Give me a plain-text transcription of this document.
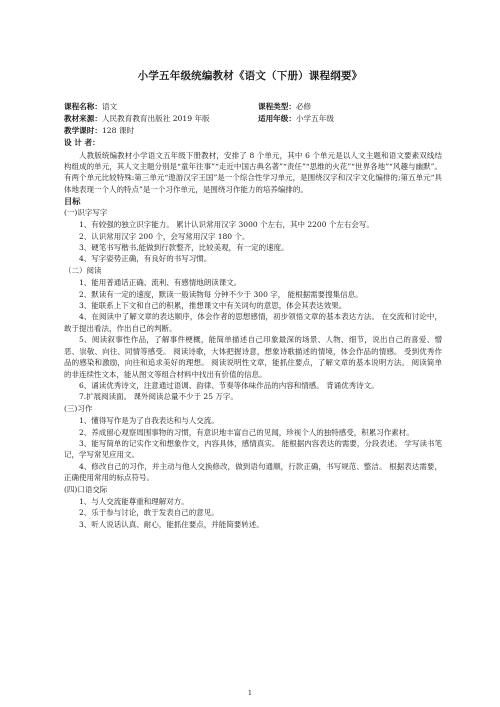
小学五年级统编教材《语文（下册）课程纲要》
课程名称：语文	课程类型：必修
教材来源：人民教育教育出版社 2019 年版	适用年级：小学五年级
教学课时：128 课时
设 计 者：

人教版统编教材小学语文五年级下册教材，安排了 8 个单元，其中 6 个单元是以人文主题和语文要素双线结构组成的单元，其人文主题分别是“童年往事”“走近中国古典名著”“责任”“思维的火花”“世界各地”“风趣与幽默”。有两个单元比较特殊:第三单元“遨游汉字王国”是一个综合性学习单元，是围绕汉字和汉字文化编排的;第五单元“具体地表现一个人的特点”是一个习作单元，是围绕习作能力的培养编排的。

目标
(一)识字写字

1、有较强的独立识字能力。 累计认识常用汉字 3000 个左右，其中 2200 个左右会写。

2、认识常用汉字 200 个，会写常用汉字 180 个。

3、硬笔书写楷书,能做到行款整齐，比较美观，有一定的速度。

4、写字姿势正确，有良好的书写习惯。

（二）阅读

1、能用普通话正确、流利、有感情地朗读课文。

2、默读有一定的速度，默读一般读物每 分钟不少于 300 字， 能根据需要搜集信息。

3、能联系上下文和自己的积累，推想课文中有关词句的意思，体会其表达效果。

4、在阅读中了解文章的表达顺序，体会作者的思想感情，初步领悟文章的基本表达方法。 在交流和讨论中，敢于提出看法，作出自己的判断。

5、阅读叙事性作品，了解事件梗概，能简单描述自己印象最深的场景、人物、细节，说出自己的喜爱、憎恶、崇敬、向往、同情等感受。 阅读诗歌，大体把握诗意，想象诗歌描述的情境，体会作品的情感。 受到优秀作品的感染和激励，向往和追求美好的理想。 阅读说明性文章，能抓住要点，了解文章的基本说明方法。 阅读简单的非连续性文本，能从图文等组合材料中找出有价值的信息。

6、诵读优秀诗文，注意通过语调、韵律、节奏等体味作品的内容和情感。 背诵优秀诗文。

7.扩展阅读面。 课外阅读总量不少于 25 万字。

(三)习作

1、懂得写作是为了自我表达和与人交流。

2、养成留心观察周围事物的习惯，有意识地丰富自己的见闻，珍视个人的独特感受，积累习作素材。

3、能写简单的记实作文和想象作文，内容具体，感情真实。 能根据内容表达的需要，分段表述。 学写读书笔记，学写常见应用文。

4、修改自己的习作，并主动与他人交换修改，做到语句通顺，行款正确，书写规范、整洁。 根据表达需要，正确使用常用的标点符号。

(四)口语交际

1、与人交流能尊重和理解对方。

2、乐于参与讨论，敢于发表自己的意见。

3、听人说话认真、耐心，能抓住要点，并能简要转述。

1
